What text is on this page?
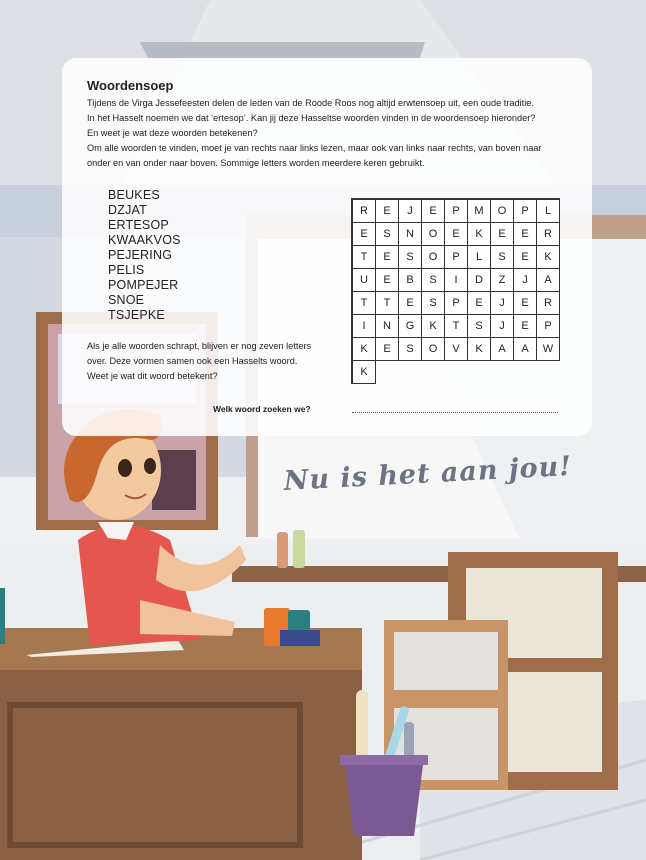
Woordensoep

Tijdens de Virga Jessefeesten delen de leden van de Roode Roos nog altijd erwtensoep uit, een oude traditie.

In het Hasselt noemen we dat ‘ertesop’. Kan jij deze Hasseltse woorden vinden in de woordensoep hieronder?

En weet je wat deze woorden betekenen?

Om alle woorden te vinden, moet je van rechts naar links lezen, maar ook van links naar rechts, van boven naar onder en van onder naar boven. Sommige letters worden meerdere keren gebruikt.

BEUKES
DZJAT
ERTESOP
KWAAKVOS
PEJERING
PELIS
POMPEJER
SNOE
TSJEPKE
Als je alle woorden schrapt, blijven er nog zeven letters over. Deze vormen samen ook een Hasselts woord. Weet je wat dit woord betekent?
R	E	J	E	P	M	O	P	L
E	S	N	O	E	K	E	E	R
T	E	S	O	P	L	S	E	K
U	E	B	S	I	D	Z	J	A
T	T	E	S	P	E	J	E	R
I	N	G	K	T	S	J	E	P
K	E	S	O	V	K	A	A	W
K
Welk woord zoeken we?
Nu is het aan jou!
